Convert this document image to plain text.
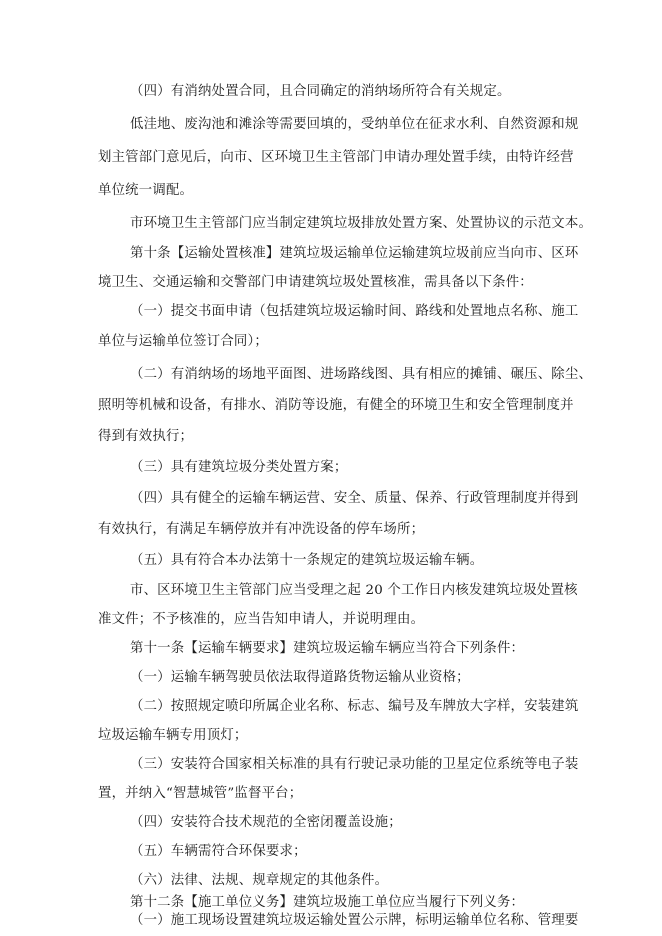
（四）有消纳处置合同，且合同确定的消纳场所符合有关规定。
低洼地、废沟池和滩涂等需要回填的，受纳单位在征求水利、自然资源和规
划主管部门意见后，向市、区环境卫生主管部门申请办理处置手续，由特许经营
单位统一调配。
市环境卫生主管部门应当制定建筑垃圾排放处置方案、处置协议的示范文本。
第十条【运输处置核准】建筑垃圾运输单位运输建筑垃圾前应当向市、区环
境卫生、交通运输和交警部门申请建筑垃圾处置核准，需具备以下条件：
（一）提交书面申请（包括建筑垃圾运输时间、路线和处置地点名称、施工
单位与运输单位签订合同）；
（二）有消纳场的场地平面图、进场路线图、具有相应的摊铺、碾压、除尘、
照明等机械和设备，有排水、消防等设施，有健全的环境卫生和安全管理制度并
得到有效执行；
（三）具有建筑垃圾分类处置方案；
（四）具有健全的运输车辆运营、安全、质量、保养、行政管理制度并得到
有效执行，有满足车辆停放并有冲洗设备的停车场所；
（五）具有符合本办法第十一条规定的建筑垃圾运输车辆。
市、区环境卫生主管部门应当受理之起 20 个工作日内核发建筑垃圾处置核
准文件；不予核准的，应当告知申请人，并说明理由。
第十一条【运输车辆要求】建筑垃圾运输车辆应当符合下列条件：
（一）运输车辆驾驶员依法取得道路货物运输从业资格；
（二）按照规定喷印所属企业名称、标志、编号及车牌放大字样，安装建筑
垃圾运输车辆专用顶灯；
（三）安装符合国家相关标准的具有行驶记录功能的卫星定位系统等电子装
置，并纳入“智慧城管”监督平台；
（四）安装符合技术规范的全密闭覆盖设施；
（五）车辆需符合环保要求；
（六）法律、法规、规章规定的其他条件。
第十二条【施工单位义务】建筑垃圾施工单位应当履行下列义务：
（一）施工现场设置建筑垃圾运输处置公示牌，标明运输单位名称、管理要
